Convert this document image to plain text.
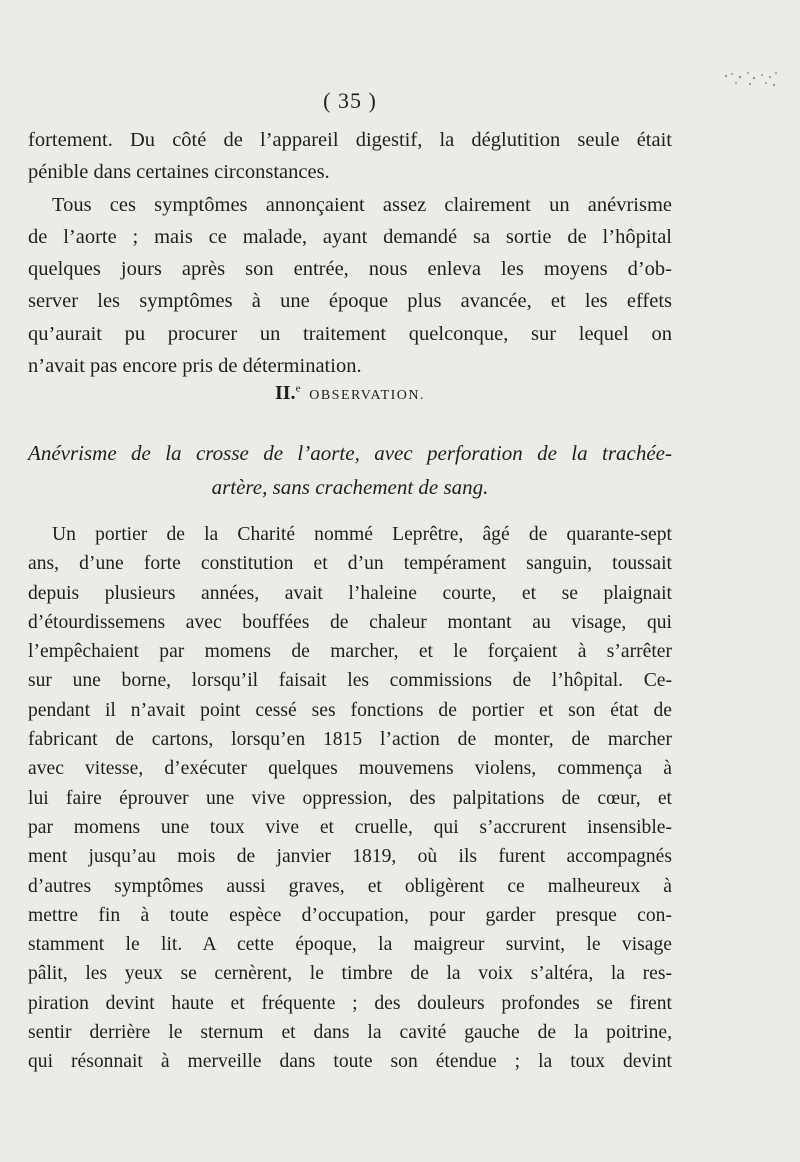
( 35 )
fortement. Du côté de l’appareil digestif, la déglutition seule était
pénible dans certaines circonstances.
Tous ces symptômes annonçaient assez clairement un anévrisme
de l’aorte ; mais ce malade, ayant demandé sa sortie de l’hôpital
quelques jours après son entrée, nous enleva les moyens d’ob-
server les symptômes à une époque plus avancée, et les effets
qu’aurait pu procurer un traitement quelconque, sur lequel on
n’avait pas encore pris de détermination.
II.$^e$ OBSERVATION.
Anévrisme de la crosse de l’aorte, avec perforation de la trachée-
artère, sans crachement de sang.
Un portier de la Charité nommé Leprêtre, âgé de quarante-sept
ans, d’une forte constitution et d’un tempérament sanguin, toussait
depuis plusieurs années, avait l’haleine courte, et se plaignait
d’étourdissemens avec bouffées de chaleur montant au visage, qui
l’empêchaient par momens de marcher, et le forçaient à s’arrêter
sur une borne, lorsqu’il faisait les commissions de l’hôpital. Ce-
pendant il n’avait point cessé ses fonctions de portier et son état de
fabricant de cartons, lorsqu’en 1815 l’action de monter, de marcher
avec vitesse, d’exécuter quelques mouvemens violens, commença à
lui faire éprouver une vive oppression, des palpitations de cœur, et
par momens une toux vive et cruelle, qui s’accrurent insensible-
ment jusqu’au mois de janvier 1819, où ils furent accompagnés
d’autres symptômes aussi graves, et obligèrent ce malheureux à
mettre fin à toute espèce d’occupation, pour garder presque con-
stamment le lit. A cette époque, la maigreur survint, le visage
pâlit, les yeux se cernèrent, le timbre de la voix s’altéra, la res-
piration devint haute et fréquente ; des douleurs profondes se firent
sentir derrière le sternum et dans la cavité gauche de la poitrine,
qui résonnait à merveille dans toute son étendue ; la toux devint
